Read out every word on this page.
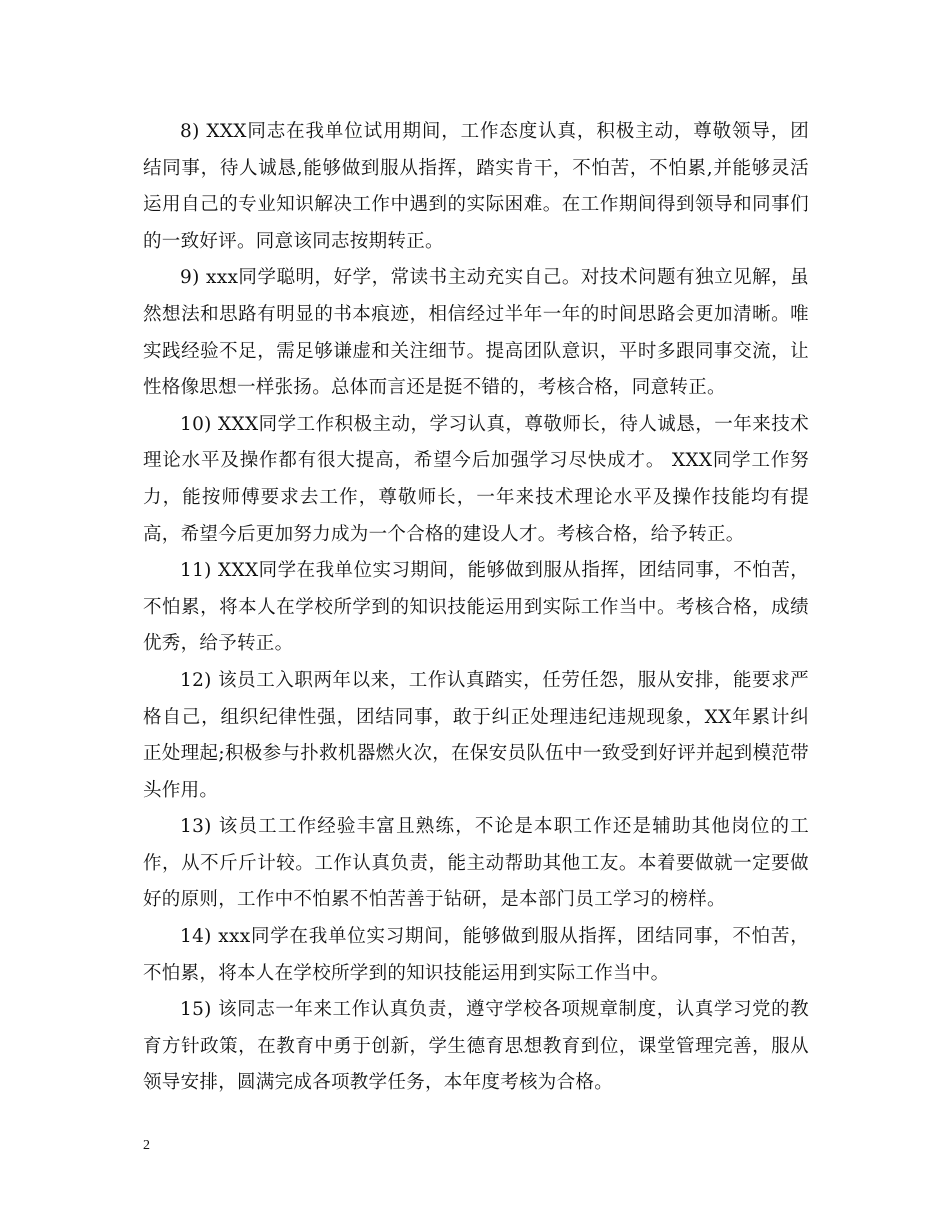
8) XXX同志在我单位试用期间，工作态度认真，积极主动，尊敬领导，团结同事，待人诚恳,能够做到服从指挥，踏实肯干，不怕苦，不怕累,并能够灵活运用自己的专业知识解决工作中遇到的实际困难。在工作期间得到领导和同事们的一致好评。同意该同志按期转正。

9) xxx同学聪明，好学，常读书主动充实自己。对技术问题有独立见解，虽然想法和思路有明显的书本痕迹，相信经过半年一年的时间思路会更加清晰。唯实践经验不足，需足够谦虚和关注细节。提高团队意识，平时多跟同事交流，让性格像思想一样张扬。总体而言还是挺不错的，考核合格，同意转正。

10) XXX同学工作积极主动，学习认真，尊敬师长，待人诚恳，一年来技术理论水平及操作都有很大提高，希望今后加强学习尽快成才。 XXX同学工作努力，能按师傅要求去工作，尊敬师长，一年来技术理论水平及操作技能均有提高，希望今后更加努力成为一个合格的建设人才。考核合格，给予转正。

11) XXX同学在我单位实习期间，能够做到服从指挥，团结同事，不怕苦，不怕累，将本人在学校所学到的知识技能运用到实际工作当中。考核合格，成绩优秀，给予转正。

12) 该员工入职两年以来，工作认真踏实，任劳任怨，服从安排，能要求严格自己，组织纪律性强，团结同事，敢于纠正处理违纪违规现象，XX年累计纠正处理起;积极参与扑救机器燃火次，在保安员队伍中一致受到好评并起到模范带头作用。

13) 该员工工作经验丰富且熟练，不论是本职工作还是辅助其他岗位的工作，从不斤斤计较。工作认真负责，能主动帮助其他工友。本着要做就一定要做好的原则，工作中不怕累不怕苦善于钻研，是本部门员工学习的榜样。

14) xxx同学在我单位实习期间，能够做到服从指挥，团结同事，不怕苦，不怕累，将本人在学校所学到的知识技能运用到实际工作当中。

15) 该同志一年来工作认真负责，遵守学校各项规章制度，认真学习党的教育方针政策，在教育中勇于创新，学生德育思想教育到位，课堂管理完善，服从领导安排，圆满完成各项教学任务，本年度考核为合格。

2
